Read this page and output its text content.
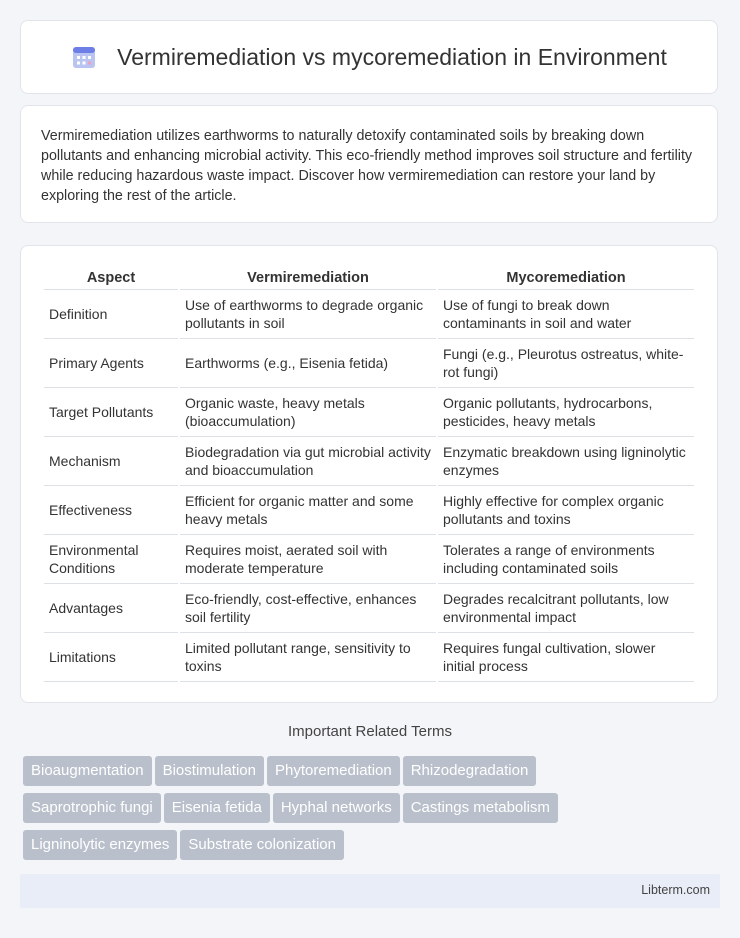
Vermiremediation vs mycoremediation in Environment

Vermiremediation utilizes earthworms to naturally detoxify contaminated soils by breaking down pollutants and enhancing microbial activity. This eco-friendly method improves soil structure and fertility while reducing hazardous waste impact. Discover how vermiremediation can restore your land by exploring the rest of the article.

Aspect	Vermiremediation	Mycoremediation
Definition	Use of earthworms to degrade organic pollutants in soil	Use of fungi to break down contaminants in soil and water
Primary Agents	Earthworms (e.g., Eisenia fetida)	Fungi (e.g., Pleurotus ostreatus, white-rot fungi)
Target Pollutants	Organic waste, heavy metals (bioaccumulation)	Organic pollutants, hydrocarbons, pesticides, heavy metals
Mechanism	Biodegradation via gut microbial activity and bioaccumulation	Enzymatic breakdown using ligninolytic enzymes
Effectiveness	Efficient for organic matter and some heavy metals	Highly effective for complex organic pollutants and toxins
Environmental Conditions	Requires moist, aerated soil with moderate temperature	Tolerates a range of environments including contaminated soils
Advantages	Eco-friendly, cost-effective, enhances soil fertility	Degrades recalcitrant pollutants, low environmental impact
Limitations	Limited pollutant range, sensitivity to toxins	Requires fungal cultivation, slower initial process
Important Related Terms
Bioaugmentation Biostimulation Phytoremediation Rhizodegradation
Saprotrophic fungi Eisenia fetida Hyphal networks Castings metabolism
Ligninolytic enzymes Substrate colonization
Libterm.com
